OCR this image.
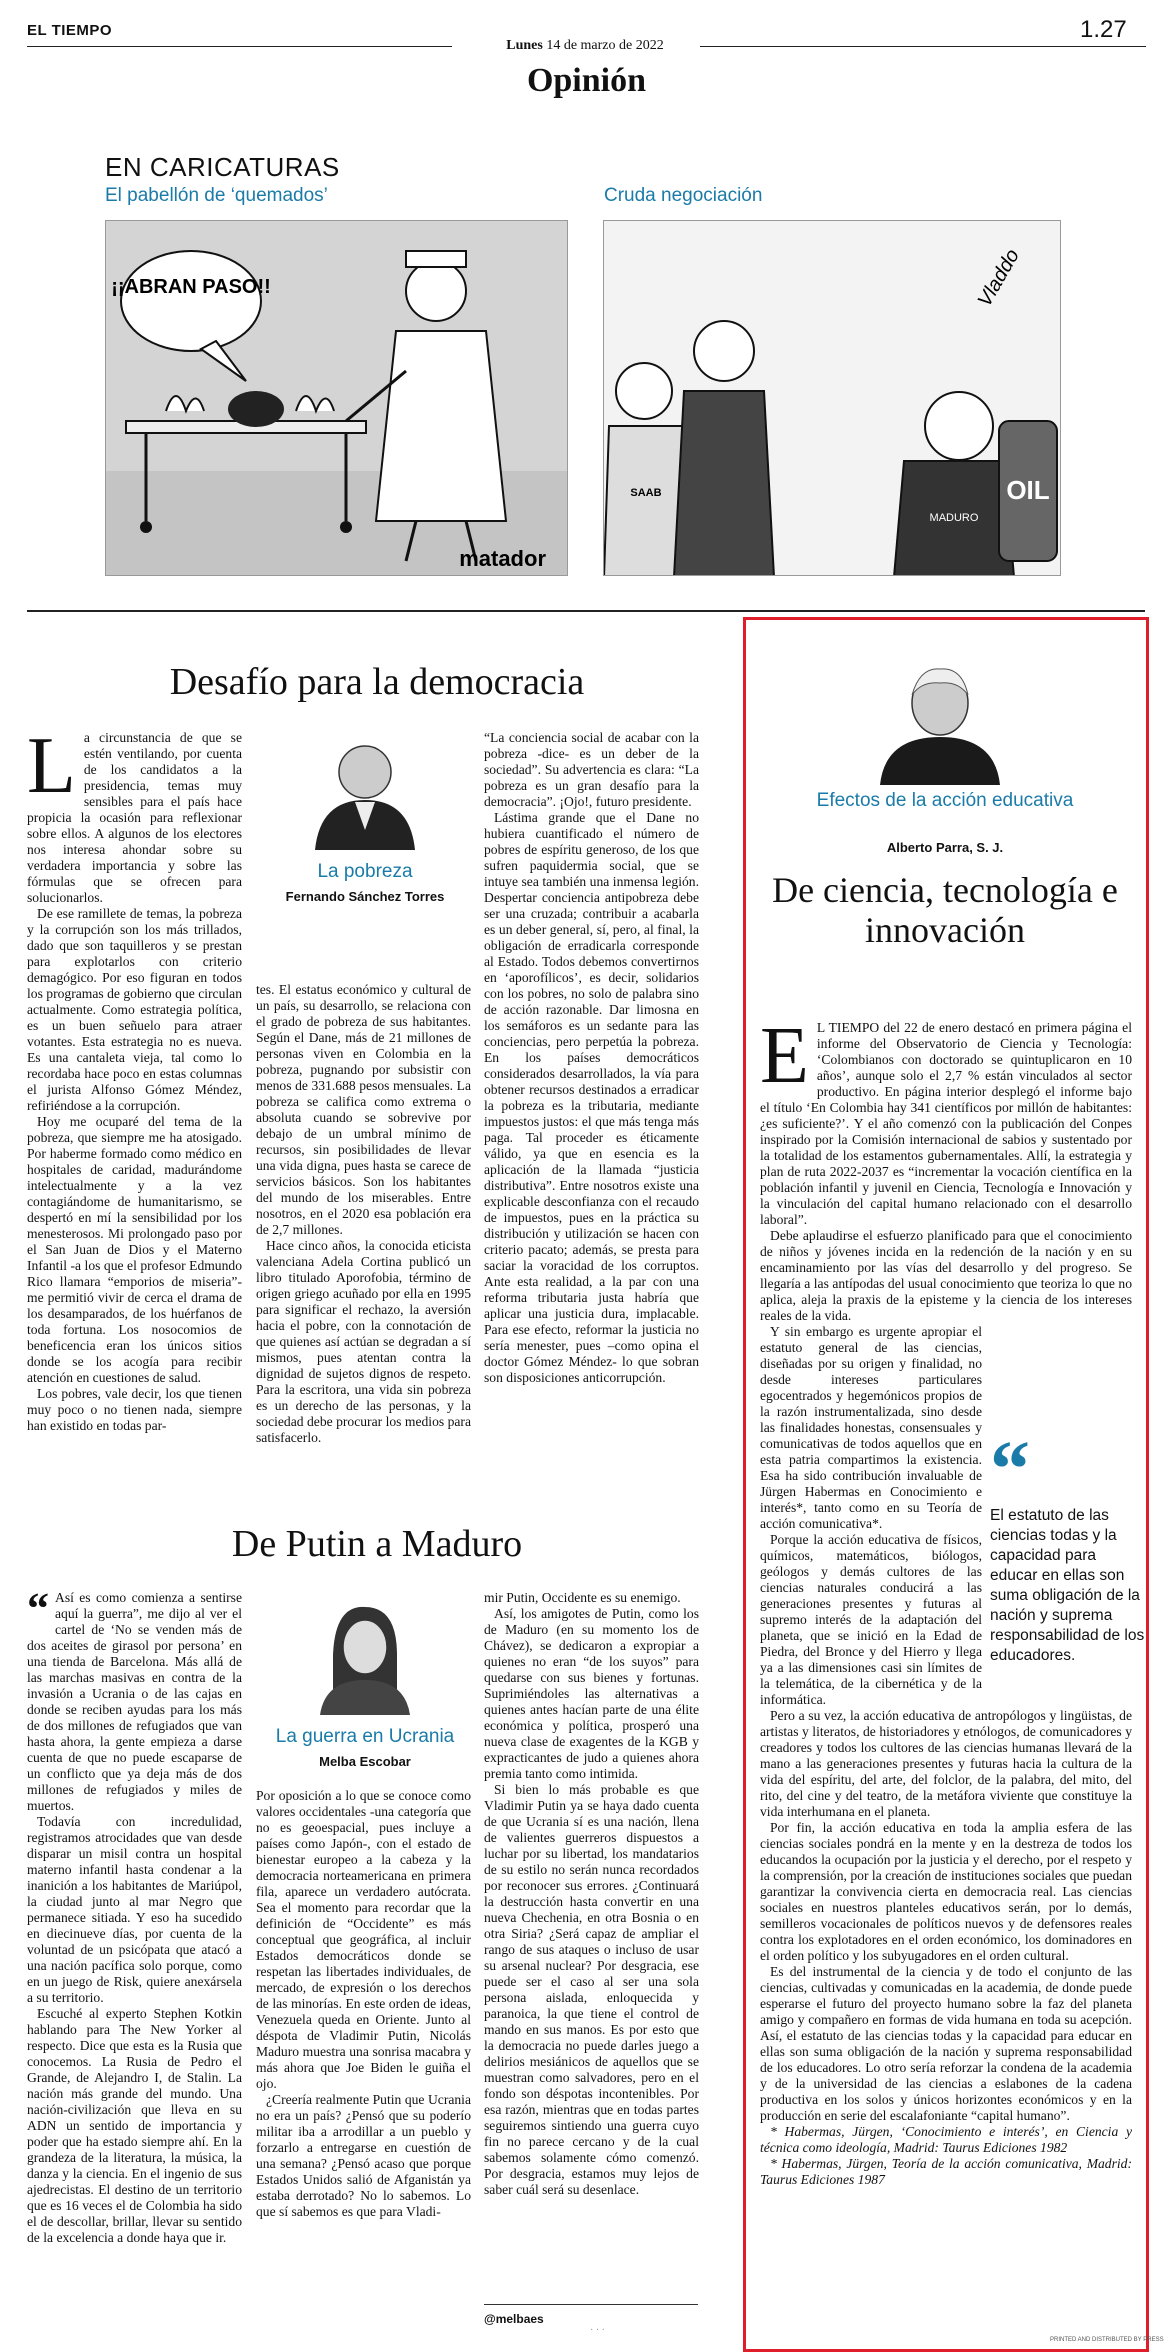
EL TIEMPO
Lunes 14 de marzo de 2022
1.27
Opinión
EN CARICATURAS
El pabellón de ‘quemados’	Cruda negociación
¡¡ABRAN PASO!!
matador
SAAB
MADURO
OIL
Vladdo
Desafío para la democracia

La circunstancia de que se estén ventilando, por cuenta de los candidatos a la presidencia, temas muy sensibles para el país hace propicia la ocasión para reflexionar sobre ellos. A algunos de los electores nos interesa ahondar sobre su verdadera importancia y sobre las fórmulas que se ofrecen para solucionarlos.

De ese ramillete de temas, la pobreza y la corrupción son los más trillados, dado que son taquilleros y se prestan para explotarlos con criterio demagógico. Por eso figuran en todos los programas de gobierno que circulan actualmente. Como estrategia política, es un buen señuelo para atraer votantes. Esta estrategia no es nueva. Es una cantaleta vieja, tal como lo recordaba hace poco en estas columnas el jurista Alfonso Gómez Méndez, refiriéndose a la corrupción.

Hoy me ocuparé del tema de la pobreza, que siempre me ha atosigado. Por haberme formado como médico en hospitales de caridad, madurándome intelectualmente y a la vez contagiándome de humanitarismo, se despertó en mí la sensibilidad por los menesterosos. Mi prolongado paso por el San Juan de Dios y el Materno Infantil -a los que el profesor Edmundo Rico llamara “emporios de miseria”- me permitió vivir de cerca el drama de los desamparados, de los huérfanos de toda fortuna. Los nosocomios de beneficencia eran los únicos sitios donde se los acogía para recibir atención en cuestiones de salud.

Los pobres, vale decir, los que tienen muy poco o no tienen nada, siempre han existido en todas par-

La pobreza
Fernando Sánchez Torres

tes. El estatus económico y cultural de un país, su desarrollo, se relaciona con el grado de pobreza de sus habitantes. Según el Dane, más de 21 millones de personas viven en Colombia en la pobreza, pugnando por subsistir con menos de 331.688 pesos mensuales. La pobreza se califica como extrema o absoluta cuando se sobrevive por debajo de un umbral mínimo de recursos, sin posibilidades de llevar una vida digna, pues hasta se carece de servicios básicos. Son los habitantes del mundo de los miserables. Entre nosotros, en el 2020 esa población era de 2,7 millones.

Hace cinco años, la conocida eticista valenciana Adela Cortina publicó un libro titulado Aporofobia, término de origen griego acuñado por ella en 1995 para significar el rechazo, la aversión hacia el pobre, con la connotación de que quienes así actúan se degradan a sí mismos, pues atentan contra la dignidad de sujetos dignos de respeto. Para la escritora, una vida sin pobreza es un derecho de las personas, y la sociedad debe procurar los medios para satisfacerlo.

“La conciencia social de acabar con la pobreza -dice- es un deber de la sociedad”. Su advertencia es clara: “La pobreza es un gran desafío para la democracia”. ¡Ojo!, futuro presidente.

Lástima grande que el Dane no hubiera cuantificado el número de pobres de espíritu generoso, de los que sufren paquidermia social, que se intuye sea también una inmensa legión. Despertar conciencia antipobreza debe ser una cruzada; contribuir a acabarla es un deber general, sí, pero, al final, la obligación de erradicarla corresponde al Estado. Todos debemos convertirnos en ‘aporofílicos’, es decir, solidarios con los pobres, no solo de palabra sino de acción razonable. Dar limosna en los semáforos es un sedante para las conciencias, pero perpetúa la pobreza. En los países democráticos considerados desarrollados, la vía para obtener recursos destinados a erradicar la pobreza es la tributaria, mediante impuestos justos: el que más tenga más paga. Tal proceder es éticamente válido, ya que en esencia es la aplicación de la llamada “justicia distributiva”. Entre nosotros existe una explicable desconfianza con el recaudo de impuestos, pues en la práctica su distribución y utilización se hacen con criterio pacato; además, se presta para saciar la voracidad de los corruptos. Ante esta realidad, a la par con una reforma tributaria justa habría que aplicar una justicia dura, implacable. Para ese efecto, reformar la justicia no sería menester, pues –como opina el doctor Gómez Méndez- lo que sobran son disposiciones anticorrupción.

De Putin a Maduro

“ Así es como comienza a sentirse aquí la guerra”, me dijo al ver el cartel de ‘No se venden más de dos aceites de girasol por persona’ en una tienda de Barcelona. Más allá de las marchas masivas en contra de la invasión a Ucrania o de las cajas en donde se reciben ayudas para los más de dos millones de refugiados que van hasta ahora, la gente empieza a darse cuenta de que no puede escaparse de un conflicto que ya deja más de dos millones de refugiados y miles de muertos.

Todavía con incredulidad, registramos atrocidades que van desde disparar un misil contra un hospital materno infantil hasta condenar a la inanición a los habitantes de Mariúpol, la ciudad junto al mar Negro que permanece sitiada. Y eso ha sucedido en diecinueve días, por cuenta de la voluntad de un psicópata que atacó a una nación pacífica solo porque, como en un juego de Risk, quiere anexársela a su territorio.

Escuché al experto Stephen Kotkin hablando para The New Yorker al respecto. Dice que esta es la Rusia que conocemos. La Rusia de Pedro el Grande, de Alejandro I, de Stalin. La nación más grande del mundo. Una nación-civilización que lleva en su ADN un sentido de importancia y poder que ha estado siempre ahí. En la grandeza de la literatura, la música, la danza y la ciencia. En el ingenio de sus ajedrecistas. El destino de un territorio que es 16 veces el de Colombia ha sido el de descollar, brillar, llevar su sentido de la excelencia a donde haya que ir.

La guerra en Ucrania
Melba Escobar

Por oposición a lo que se conoce como valores occidentales -una categoría que no es geoespacial, pues incluye a países como Japón-, con el estado de bienestar europeo a la cabeza y la democracia norteamericana en primera fila, aparece un verdadero autócrata. Sea el momento para recordar que la definición de “Occidente” es más conceptual que geográfica, al incluir Estados democráticos donde se respetan las libertades individuales, de mercado, de expresión o los derechos de las minorías. En este orden de ideas, Venezuela queda en Oriente. Junto al déspota de Vladimir Putin, Nicolás Maduro muestra una sonrisa macabra y más ahora que Joe Biden le guiña el ojo.

¿Creería realmente Putin que Ucrania no era un país? ¿Pensó que su poderío militar iba a arrodillar a un pueblo y forzarlo a entregarse en cuestión de una semana? ¿Pensó acaso que porque Estados Unidos salió de Afganistán ya estaba derrotado? No lo sabemos. Lo que sí sabemos es que para Vladi-

mir Putin, Occidente es su enemigo.

Así, los amigotes de Putin, como los de Maduro (en su momento los de Chávez), se dedicaron a expropiar a quienes no eran “de los suyos” para quedarse con sus bienes y fortunas. Suprimiéndoles las alternativas a quienes antes hacían parte de una élite económica y política, prosperó una nueva clase de exagentes de la KGB y expracticantes de judo a quienes ahora premia tanto como intimida.

Si bien lo más probable es que Vladimir Putin ya se haya dado cuenta de que Ucrania sí es una nación, llena de valientes guerreros dispuestos a luchar por su libertad, los mandatarios de su estilo no serán nunca recordados por reconocer sus errores. ¿Continuará la destrucción hasta convertir en una nueva Chechenia, en otra Bosnia o en otra Siria? ¿Será capaz de ampliar el rango de sus ataques o incluso de usar su arsenal nuclear? Por desgracia, ese puede ser el caso al ser una sola persona aislada, enloquecida y paranoica, la que tiene el control de mando en sus manos. Es por esto que la democracia no puede darles juego a delirios mesiánicos de aquellos que se muestran como salvadores, pero en el fondo son déspotas incontenibles. Por esa razón, mientras que en todas partes seguiremos sintiendo una guerra cuyo fin no parece cercano y de la cual sabemos solamente cómo comenzó. Por desgracia, estamos muy lejos de saber cuál será su desenlace.

@melbaes
· · ·
Efectos de la acción educativa
Alberto Parra, S. J.
De ciencia, tecnología e innovación

E L TIEMPO del 22 de enero destacó en primera página el informe del Observatorio de Ciencia y Tecnología: ‘Colombianos con doctorado se quintuplicaron en 10 años’, aunque solo el 2,7 % están vinculados al sector productivo. En página interior desplegó el informe bajo el título ‘En Colombia hay 341 científicos por millón de habitantes: ¿es suficiente?’. Y el año comenzó con la publicación del Conpes inspirado por la Comisión internacional de sabios y sustentado por la totalidad de los estamentos gubernamentales. Allí, la estrategia y plan de ruta 2022-2037 es “incrementar la vocación científica en la población infantil y juvenil en Ciencia, Tecnología e Innovación y la vinculación del capital humano relacionado con el desarrollo laboral”.

Debe aplaudirse el esfuerzo planificado para que el conocimiento de niños y jóvenes incida en la redención de la nación y en su encaminamiento por las vías del desarrollo y del progreso. Se llegaría a las antípodas del usual conocimiento que teoriza lo que no aplica, aleja la praxis de la episteme y la ciencia de los intereses reales de la vida.

Y sin embargo es urgente apropiar el estatuto general de las ciencias, diseñadas por su origen y finalidad, no desde intereses particulares egocentrados y hegemónicos propios de la razón instrumentalizada, sino desde las finalidades honestas, consensuales y comunicativas de todos aquellos que en esta patria compartimos la existencia. Esa ha sido contribución invaluable de Jürgen Habermas en Conocimiento e interés*, tanto como en su Teoría de acción comunicativa*.

Porque la acción educativa de físicos, químicos, matemáticos, biólogos, geólogos y demás cultores de las ciencias naturales conducirá a las generaciones presentes y futuras al supremo interés de la adaptación del planeta, que se inició en la Edad de Piedra, del Bronce y del Hierro y llega ya a las dimensiones casi sin límites de la telemática, de la cibernética y de la informática.

Pero a su vez, la acción educativa de antropólogos y lingüistas, de artistas y literatos, de historiadores y etnólogos, de comunicadores y creadores y todos los cultores de las ciencias humanas llevará de la mano a las generaciones presentes y futuras hacia la cultura de la vida del espíritu, del arte, del folclor, de la palabra, del mito, del rito, del cine y del teatro, de la metáfora viviente que constituye la vida interhumana en el planeta.

Por fin, la acción educativa en toda la amplia esfera de las ciencias sociales pondrá en la mente y en la destreza de todos los educandos la ocupación por la justicia y el derecho, por el respeto y la comprensión, por la creación de instituciones sociales que puedan garantizar la convivencia cierta en democracia real. Las ciencias sociales en nuestros planteles educativos serán, por lo demás, semilleros vocacionales de políticos nuevos y de defensores reales contra los explotadores en el orden económico, los dominadores en el orden político y los subyugadores en el orden cultural.

Es del instrumental de la ciencia y de todo el conjunto de las ciencias, cultivadas y comunicadas en la academia, de donde puede esperarse el futuro del proyecto humano sobre la faz del planeta amigo y compañero en formas de vida humana en toda su acepción. Así, el estatuto de las ciencias todas y la capacidad para educar en ellas son suma obligación de la nación y suprema responsabilidad de los educadores. Lo otro sería reforzar la condena de la academia y de la universidad de las ciencias a eslabones de la cadena productiva en los solos y únicos horizontes económicos y en la producción en serie del escalafoniante “capital humano”.

* Habermas, Jürgen, ‘Conocimiento e interés’, en Ciencia y técnica como ideología, Madrid: Taurus Ediciones 1982

* Habermas, Jürgen, Teoría de la acción comunicativa, Madrid: Taurus Ediciones 1987

“
El estatuto de las ciencias todas y la capacidad para educar en ellas son suma obligación de la nación y suprema responsabilidad de los educadores.
PRINTED AND DISTRIBUTED BY PRESS
